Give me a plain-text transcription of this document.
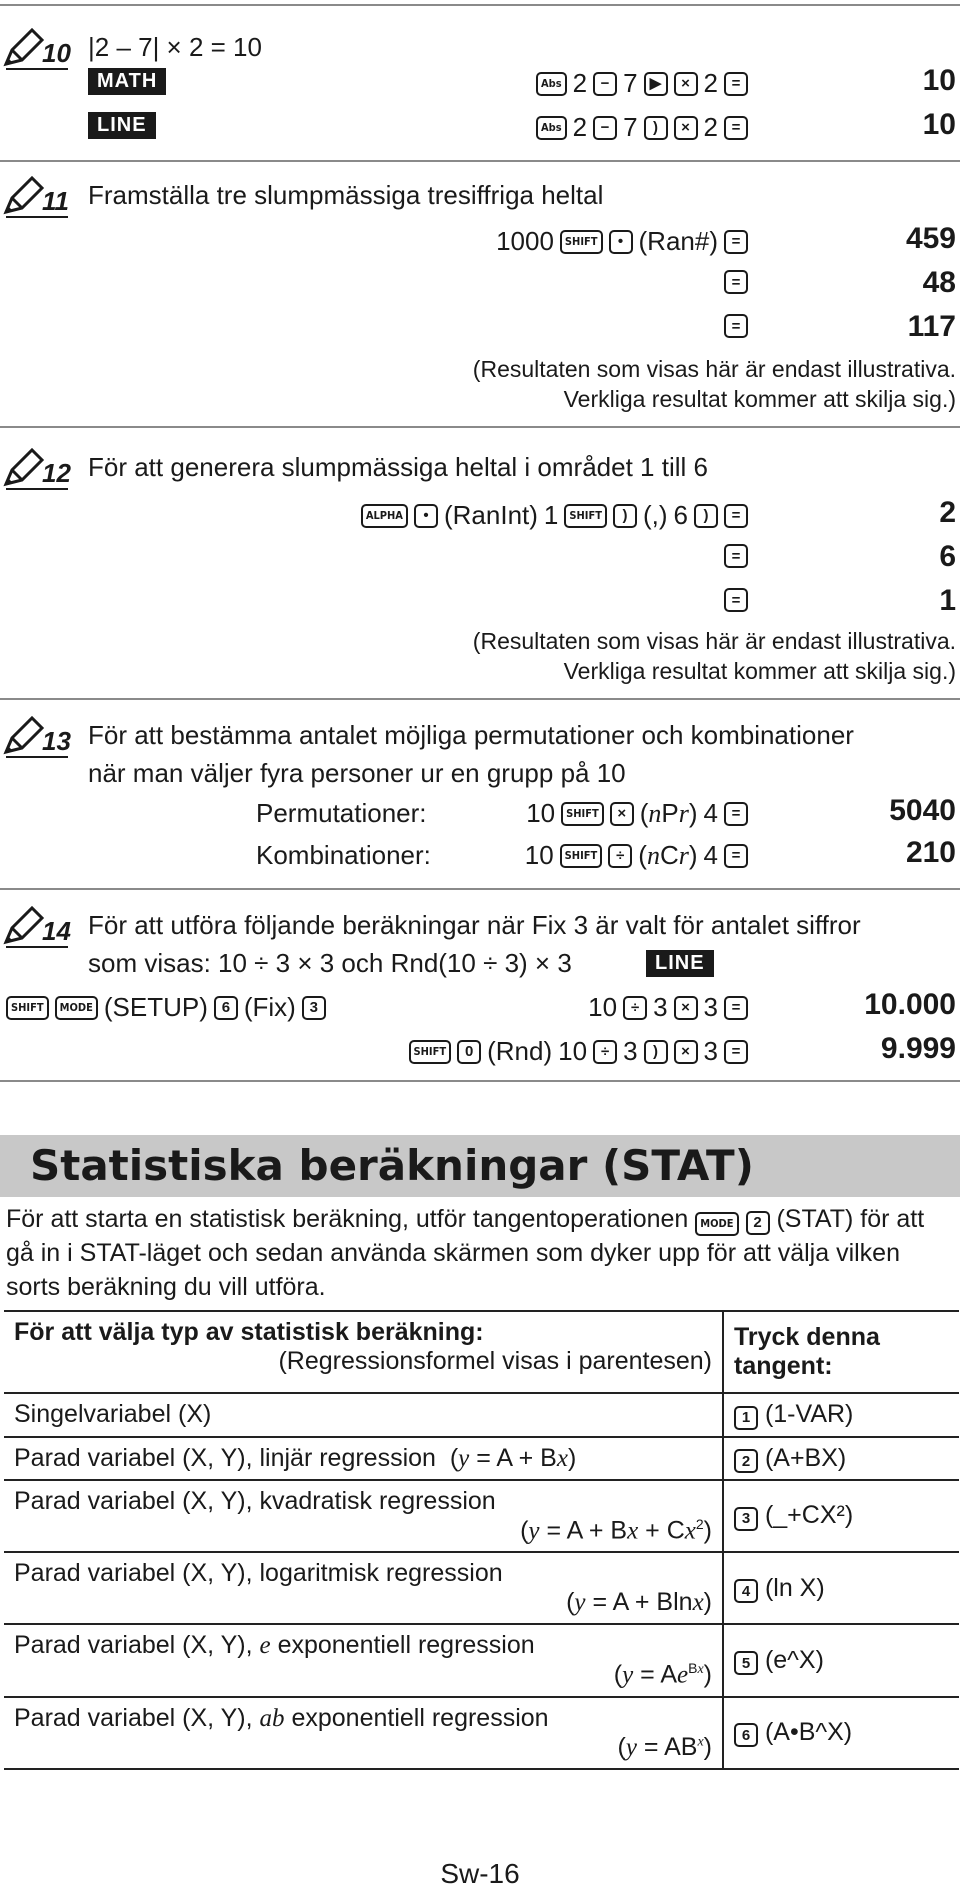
10 |2 – 7| × 2 = 10
MATH
LINE
Abs 2 − 7 ▶	× 2 =	10
Abs 2 − 7	)	× 2 =	10
11 Framställa tre slumpmässiga tresiffriga heltal
1000	SHIFT	• (Ran#) =	459
=	48
=	117
(Resultaten som visas här är endast illustrativa.
Verkliga resultat kommer att skilja sig.)
12 För att generera slumpmässiga heltal i området 1 till 6
ALPHA	• (RanInt) 1	SHIFT	) (,) 6	)	=	2
=	6
=	1
(Resultaten som visas här är endast illustrativa.
Verkliga resultat kommer att skilja sig.)
13 För att bestämma antalet möjliga permutationer och kombinationer
när man väljer fyra personer ur en grupp på 10
Permutationer:	10	SHIFT	× (nPr) 4 =	5040
Kombinationer:	10	SHIFT	÷ (nCr) 4 =	210
14 För att utföra följande beräkningar när Fix 3 är valt för antalet siffror
som visas: 10 ÷ 3 × 3 och Rnd(10 ÷ 3) × 3	LINE
SHIFT	MODE (SETUP) 6 (Fix) 3	10 ÷ 3 × 3 =	10.000
SHIFT	0 (Rnd) 10 ÷ 3	)	× 3 =	9.999
Statistiska beräkningar (STAT)
För att starta en statistisk beräkning, utför tangentoperationen MODE 2 (STAT) för att gå in i STAT-läget och sedan använda skärmen som dyker upp för att välja vilken sorts beräkning du vill utföra.
För att välja typ av statistisk beräkning:
(Regressionsformel visas i parentesen)	Tryck denna tangent:

Singelvariabel (X)	1 (1-VAR)
Parad variabel (X, Y), linjär regression  (y = A + Bx)	2 (A+BX)

Parad variabel (X, Y), kvadratisk regression
$(y = A + Bx + Cx^2)$	3 (_+CX²)

Parad variabel (X, Y), logaritmisk regression
(y = A + Blnx)	4 (ln X)

Parad variabel (X, Y), e exponentiell regression
$(y = Ae^{Bx})$	5 (e^X)

Parad variabel (X, Y), ab exponentiell regression
$(y = AB^x)$	6 (A•B^X)
Sw-16
